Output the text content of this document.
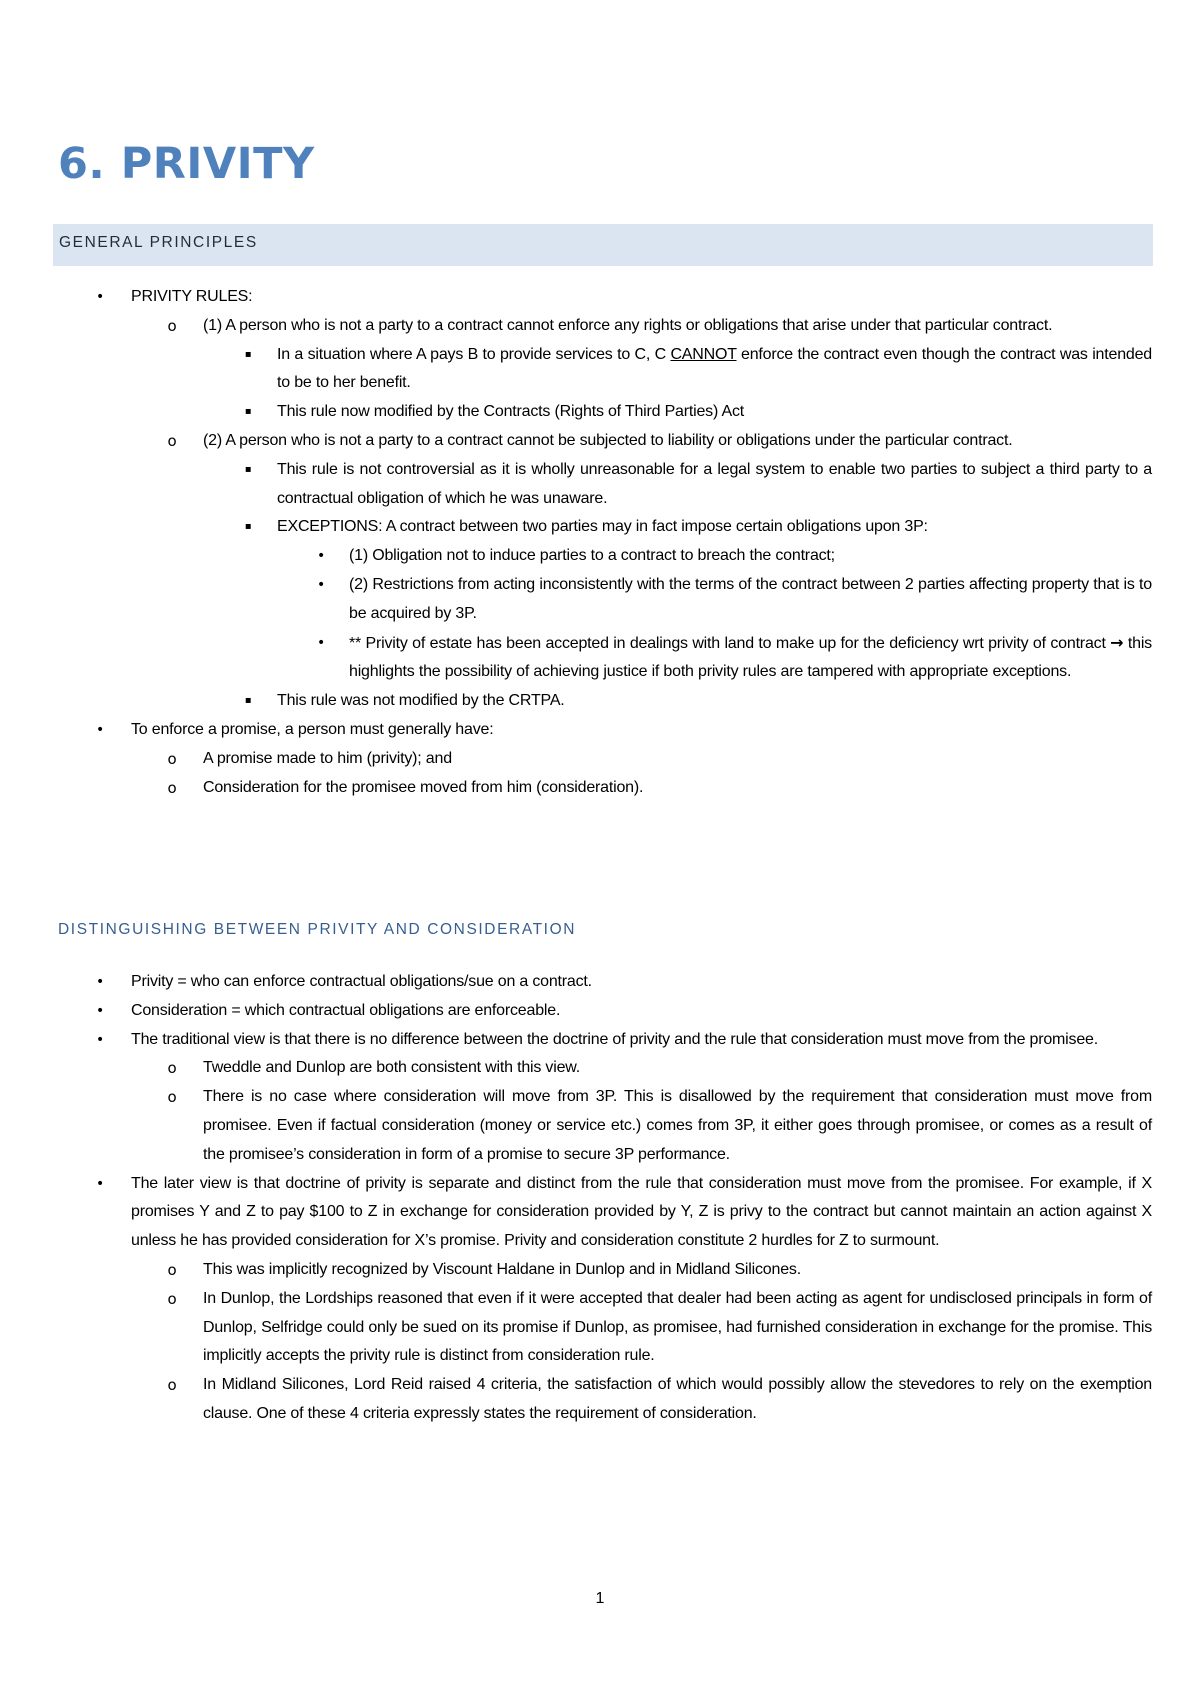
6. PRIVITY
GENERAL PRINCIPLES
• PRIVITY RULES:
o (1) A person who is not a party to a contract cannot enforce any rights or obligations that arise under that particular contract.
▪ In a situation where A pays B to provide services to C, C CANNOT enforce the contract even though the contract was intended to be to her benefit.
▪ This rule now modified by the Contracts (Rights of Third Parties) Act
o (2) A person who is not a party to a contract cannot be subjected to liability or obligations under the particular contract.
▪ This rule is not controversial as it is wholly unreasonable for a legal system to enable two parties to subject a third party to a contractual obligation of which he was unaware.
▪ EXCEPTIONS: A contract between two parties may in fact impose certain obligations upon 3P:
• (1) Obligation not to induce parties to a contract to breach the contract;
• (2) Restrictions from acting inconsistently with the terms of the contract between 2 parties affecting property that is to be acquired by 3P.
• ** Privity of estate has been accepted in dealings with land to make up for the deficiency wrt privity of contract → this highlights the possibility of achieving justice if both privity rules are tampered with appropriate exceptions.
▪ This rule was not modified by the CRTPA.
• To enforce a promise, a person must generally have:
o A promise made to him (privity); and
o Consideration for the promisee moved from him (consideration).
DISTINGUISHING BETWEEN PRIVITY AND CONSIDERATION
• Privity = who can enforce contractual obligations/sue on a contract.
• Consideration = which contractual obligations are enforceable.
• The traditional view is that there is no difference between the doctrine of privity and the rule that consideration must move from the promisee.
o Tweddle and Dunlop are both consistent with this view.
o There is no case where consideration will move from 3P. This is disallowed by the requirement that consideration must move from promisee. Even if factual consideration (money or service etc.) comes from 3P, it either goes through promisee, or comes as a result of the promisee’s consideration in form of a promise to secure 3P performance.
• The later view is that doctrine of privity is separate and distinct from the rule that consideration must move from the promisee. For example, if X promises Y and Z to pay $100 to Z in exchange for consideration provided by Y, Z is privy to the contract but cannot maintain an action against X unless he has provided consideration for X’s promise. Privity and consideration constitute 2 hurdles for Z to surmount.
o This was implicitly recognized by Viscount Haldane in Dunlop and in Midland Silicones.
o In Dunlop, the Lordships reasoned that even if it were accepted that dealer had been acting as agent for undisclosed principals in form of Dunlop, Selfridge could only be sued on its promise if Dunlop, as promisee, had furnished consideration in exchange for the promise. This implicitly accepts the privity rule is distinct from consideration rule.
o In Midland Silicones, Lord Reid raised 4 criteria, the satisfaction of which would possibly allow the stevedores to rely on the exemption clause. One of these 4 criteria expressly states the requirement of consideration.
1
